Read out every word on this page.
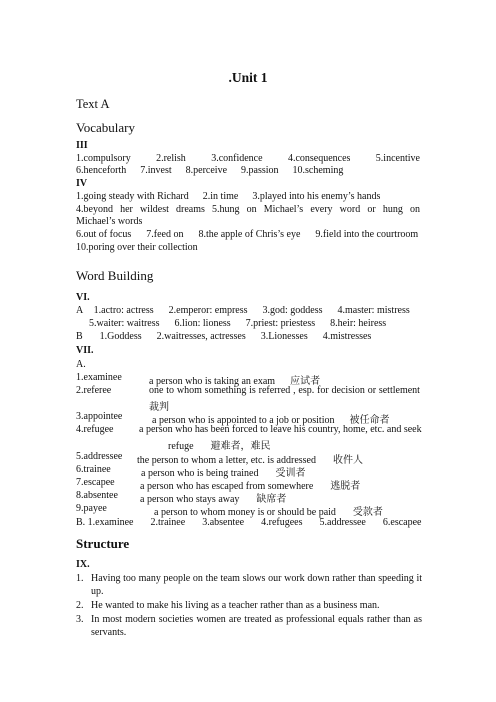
.Unit 1
Text A
Vocabulary
III
1.compulsory	2.relish	3.confidence	4.consequences	5.incentive
6.henceforth 7.invest 8.perceive 9.passion 10.scheming
IV
1.going steady with Richard 2.in time 3.played into his enemy’s hands
4.beyond her wildest dreams 5.hung on Michael’s every word or hung on
Michael’s words
6.out of focus 7.feed on 8.the apple of Chris’s eye 9.field into the courtroom
10.poring over their collection
Word Building
VI.
A 1.actro: actress 2.emperor: empress 3.god: goddess 4.master: mistress
5.waiter: waitress 6.lion: lioness 7.priest: priestess 8.heir: heiress
B 1.Goddess 2.waitresses, actresses 3.Lionesses 4.mistresses
VII.
A.
1.examinee	a person who is taking an exam 应试者
2.referee	one to whom something is referred , esp. for decision or settlement
裁判
3.appointee	a person who is appointed to a job or position 被任命者
4.refugee	a person who has been forced to leave his country, home, etc. and seek
refuge 避难者，难民
5.addressee	the person to whom a letter, etc. is addressed 收件人
6.trainee	a person who is being trained 受训者
7.escapee	a person who has escaped from somewhere 逃脱者
8.absentee	a person who stays away 缺席者
9.payee	a person to whom money is or should be paid 受款者
B. 1.examinee 2.trainee 3.absentee 4.refugees 5.addressee 6.escapee
Structure
IX.
1. Having too many people on the team slows our work down rather than speeding it up.
2. He wanted to make his living as a teacher rather than as a business man.
3. In most modern societies women are treated as professional equals rather than as servants.
